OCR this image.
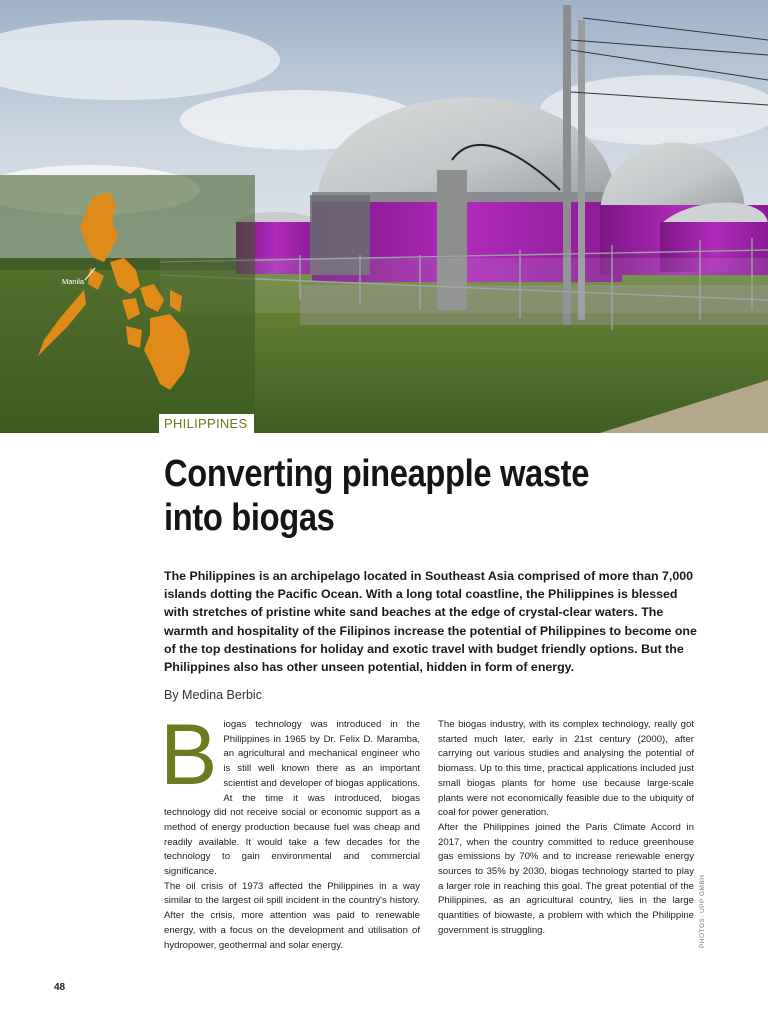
Manila
PHILIPPINES
Converting pineapple waste
into biogas

The Philippines is an archipelago located in Southeast Asia comprised of more than 7,000 islands dotting the Pacific Ocean. With a long total coastline, the Philippines is blessed with stretches of pristine white sand beaches at the edge of crystal-clear waters. The warmth and hospitality of the Filipinos increase the potential of Philippines to become one of the top destinations for holiday and exotic travel with budget friendly options. But the Philippines also has other unseen potential, hidden in form of energy.

By Medina Berbic
B iogas technology was introduced in the Philippines in 1965 by Dr. Felix D. Maramba, an agricultural and mechanical engineer who is still well known there as an important scientist and developer of biogas applications. At the time it was introduced, biogas technology did not receive social or economic support as a method of energy production because fuel was cheap and readily available. It would take a few decades for the technology to gain environmental and commercial significance.

The oil crisis of 1973 affected the Philippines in a way similar to the largest oil spill incident in the country's history. After the crisis, more attention was paid to renewable energy, with a focus on the development and utilisation of hydropower, geothermal and solar energy.

The biogas industry, with its complex technology, really got started much later, early in 21st century (2000), after carrying out various studies and analysing the potential of biomass. Up to this time, practical applications included just small biogas plants for home use because large-scale plants were not economically feasible due to the ubiquity of coal for power generation.

After the Philippines joined the Paris Climate Accord in 2017, when the country committed to reduce greenhouse gas emissions by 70% and to increase renewable energy sources to 35% by 2030, biogas technology started to play a larger role in reaching this goal. The great potential of the Philippines, as an agricultural country, lies in the large quantities of biowaste, a problem with which the Philippine government is struggling.	PHOTOS: UPP GMBH
48
